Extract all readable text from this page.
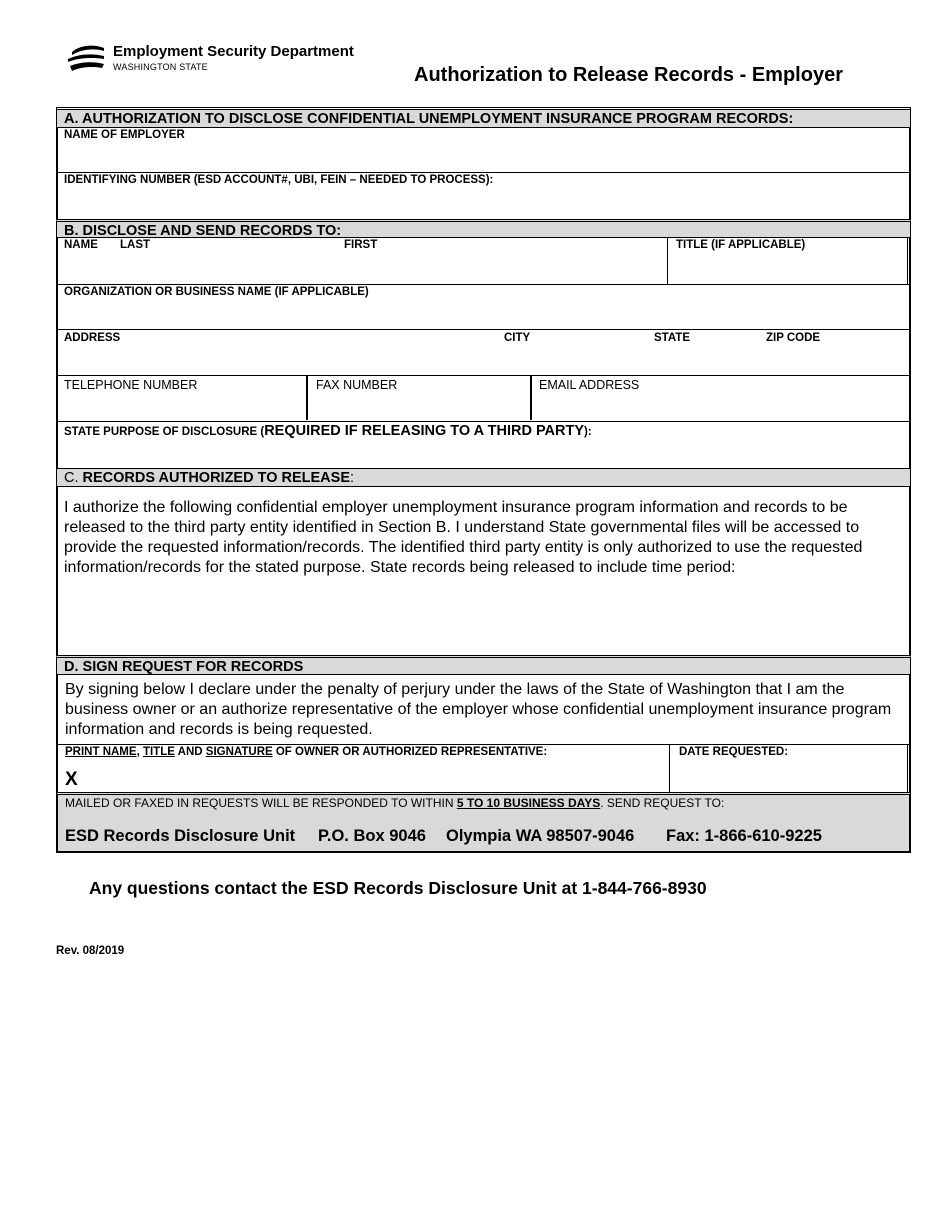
Employment Security Department
WASHINGTON STATE	Authorization to Release Records - Employer
A. AUTHORIZATION TO DISCLOSE CONFIDENTIAL UNEMPLOYMENT INSURANCE PROGRAM RECORDS:
NAME OF EMPLOYER
IDENTIFYING NUMBER (ESD ACCOUNT#, UBI, FEIN – NEEDED TO PROCESS):
B. DISCLOSE AND SEND RECORDS TO:
NAME LAST	FIRST	TITLE (IF APPLICABLE)
ORGANIZATION OR BUSINESS NAME (IF APPLICABLE)
ADDRESS	CITY	STATE	ZIP CODE
TELEPHONE NUMBER	FAX NUMBER	EMAIL ADDRESS
STATE PURPOSE OF DISCLOSURE (REQUIRED IF RELEASING TO A THIRD PARTY):
C. RECORDS AUTHORIZED TO RELEASE:
I authorize the following confidential employer unemployment insurance program information and records to be released to the third party entity identified in Section B. I understand State governmental files will be accessed to provide the requested information/records. The identified third party entity is only authorized to use the requested information/records for the stated purpose. State records being released to include time period:
D. SIGN REQUEST FOR RECORDS
By signing below I declare under the penalty of perjury under the laws of the State of Washington that I am the business owner or an authorize representative of the employer whose confidential unemployment insurance program information and records is being requested.
PRINT NAME, TITLE AND SIGNATURE OF OWNER OR AUTHORIZED REPRESENTATIVE:
X
DATE REQUESTED:
MAILED OR FAXED IN REQUESTS WILL BE RESPONDED TO WITHIN 5 TO 10 BUSINESS DAYS. SEND REQUEST TO:
ESD Records Disclosure Unit P.O. Box 9046 Olympia WA 98507-9046 Fax: 1-866-610-9225
Any questions contact the ESD Records Disclosure Unit at 1-844-766-8930
Rev. 08/2019
